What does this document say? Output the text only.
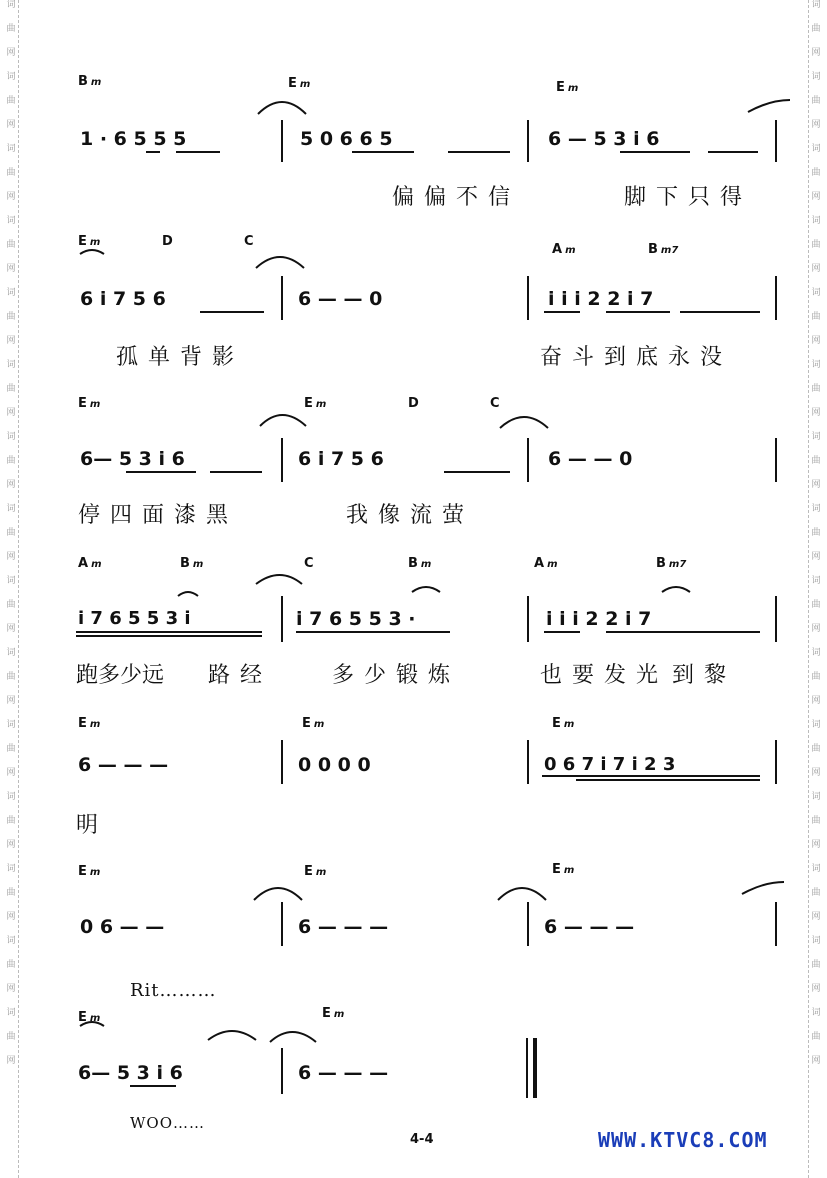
词
曲
网
词
曲
网
词
曲
网
词
曲
网
词
曲
网
词
曲
网
词
曲
网
词
曲
网
词
曲
网
词
曲
网
词
曲
网
词
曲
网
词
曲
网
词
曲
网
词
曲
网
词
曲
网
词
曲
网
词
曲
网
词
曲
网
词
曲
网
词
曲
网
词
曲
网
词
曲
网
词
曲
网
词
曲
网
词
曲
网
词
曲
网
词
曲
网
词
曲
网
词
曲
网
B m	E m	E m
1 · 6 5 5 5	5 0 6 6 5	6 — 5 3 i 6
偏偏不信	脚下只得
E m	D	C
A m	B m7
6 i 7 5 6	6 — — 0	i i i 2 2 i 7
孤单背影	奋斗到底永没
E m	E m	D	C
6— 5 3 i 6	6 i 7 5 6	6 — — 0
停四面漆黑	我像流萤
A m	B m	C	B m	A m	B m7
i 7 6 5 5 3 i	i 7 6 5 5 3 ·	i i i 2 2 i 7
跑多少远 路经	多少锻炼	也要发光 到黎
E m	E m	E m
6 — — —	0 0 0 0	0 6 7 i 7 i 2 3
明
E m	E m	E m
0 6 — —	6 — — —	6 — — —
Rit………
E m	E m
6— 5 3 i 6	6 — — —
WOO……
4-4	WWW.KTVC8.COM
